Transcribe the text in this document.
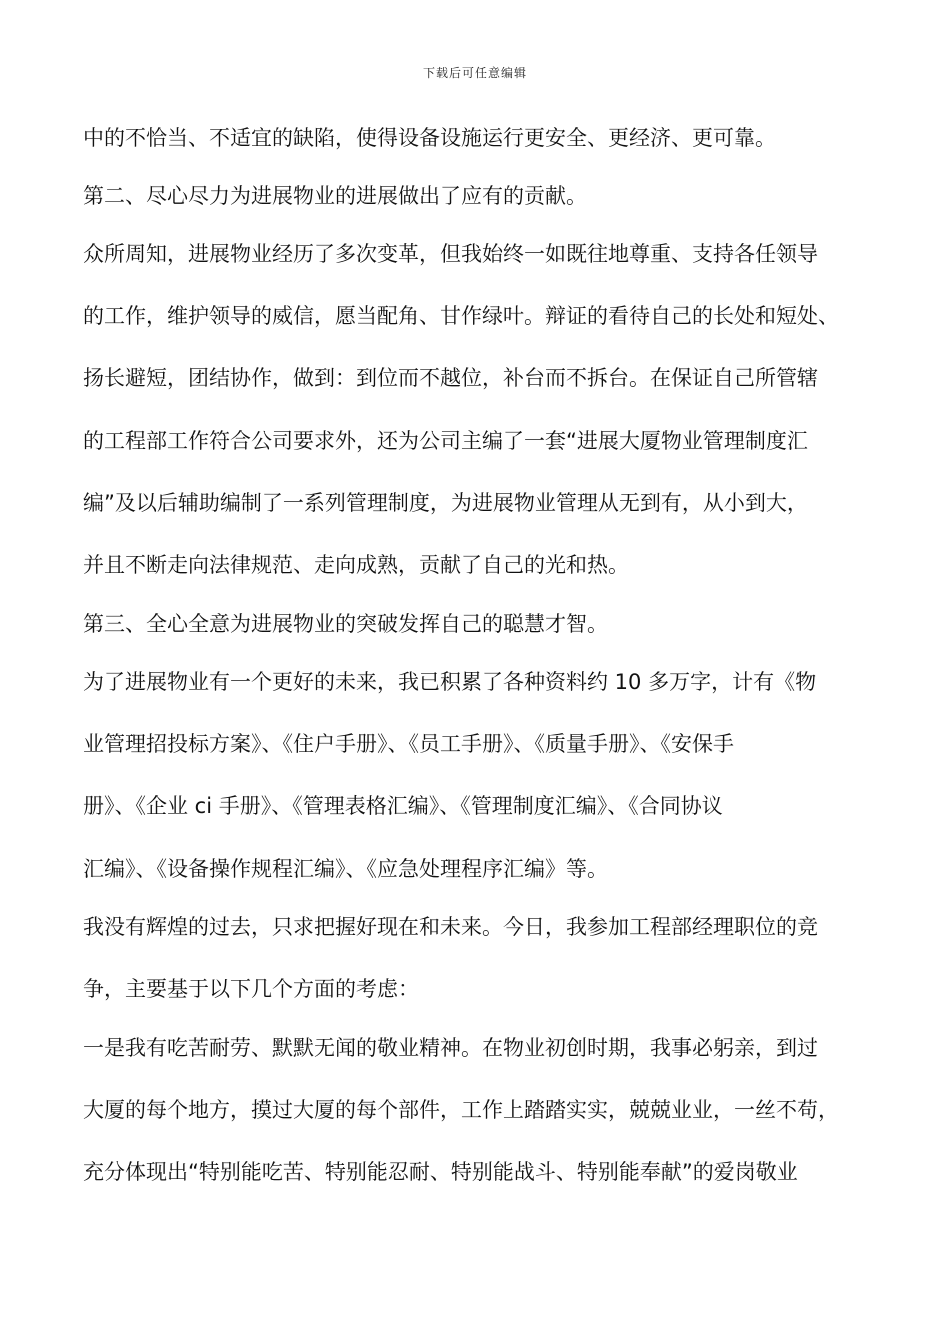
下载后可任意编辑
中的不恰当、不适宜的缺陷，使得设备设施运行更安全、更经济、更可靠。
第二、尽心尽力为进展物业的进展做出了应有的贡献。
众所周知，进展物业经历了多次变革，但我始终一如既往地尊重、支持各任领导
的工作，维护领导的威信，愿当配角、甘作绿叶。辩证的看待自己的长处和短处、
扬长避短，团结协作，做到：到位而不越位，补台而不拆台。在保证自己所管辖
的工程部工作符合公司要求外，还为公司主编了一套“进展大厦物业管理制度汇
编”及以后辅助编制了一系列管理制度，为进展物业管理从无到有，从小到大，
并且不断走向法律规范、走向成熟，贡献了自己的光和热。
第三、全心全意为进展物业的突破发挥自己的聪慧才智。
为了进展物业有一个更好的未来，我已积累了各种资料约 10 多万字，计有《物
业管理招投标方案》、《住户手册》、《员工手册》、《质量手册》、《安保手
册》、《企业 ci 手册》、《管理表格汇编》、《管理制度汇编》、《合同协议
汇编》、《设备操作规程汇编》、《应急处理程序汇编》等。
我没有辉煌的过去，只求把握好现在和未来。今日，我参加工程部经理职位的竞
争，主要基于以下几个方面的考虑：
一是我有吃苦耐劳、默默无闻的敬业精神。在物业初创时期，我事必躬亲，到过
大厦的每个地方，摸过大厦的每个部件，工作上踏踏实实，兢兢业业，一丝不苟，
充分体现出“特别能吃苦、特别能忍耐、特别能战斗、特别能奉献”的爱岗敬业
